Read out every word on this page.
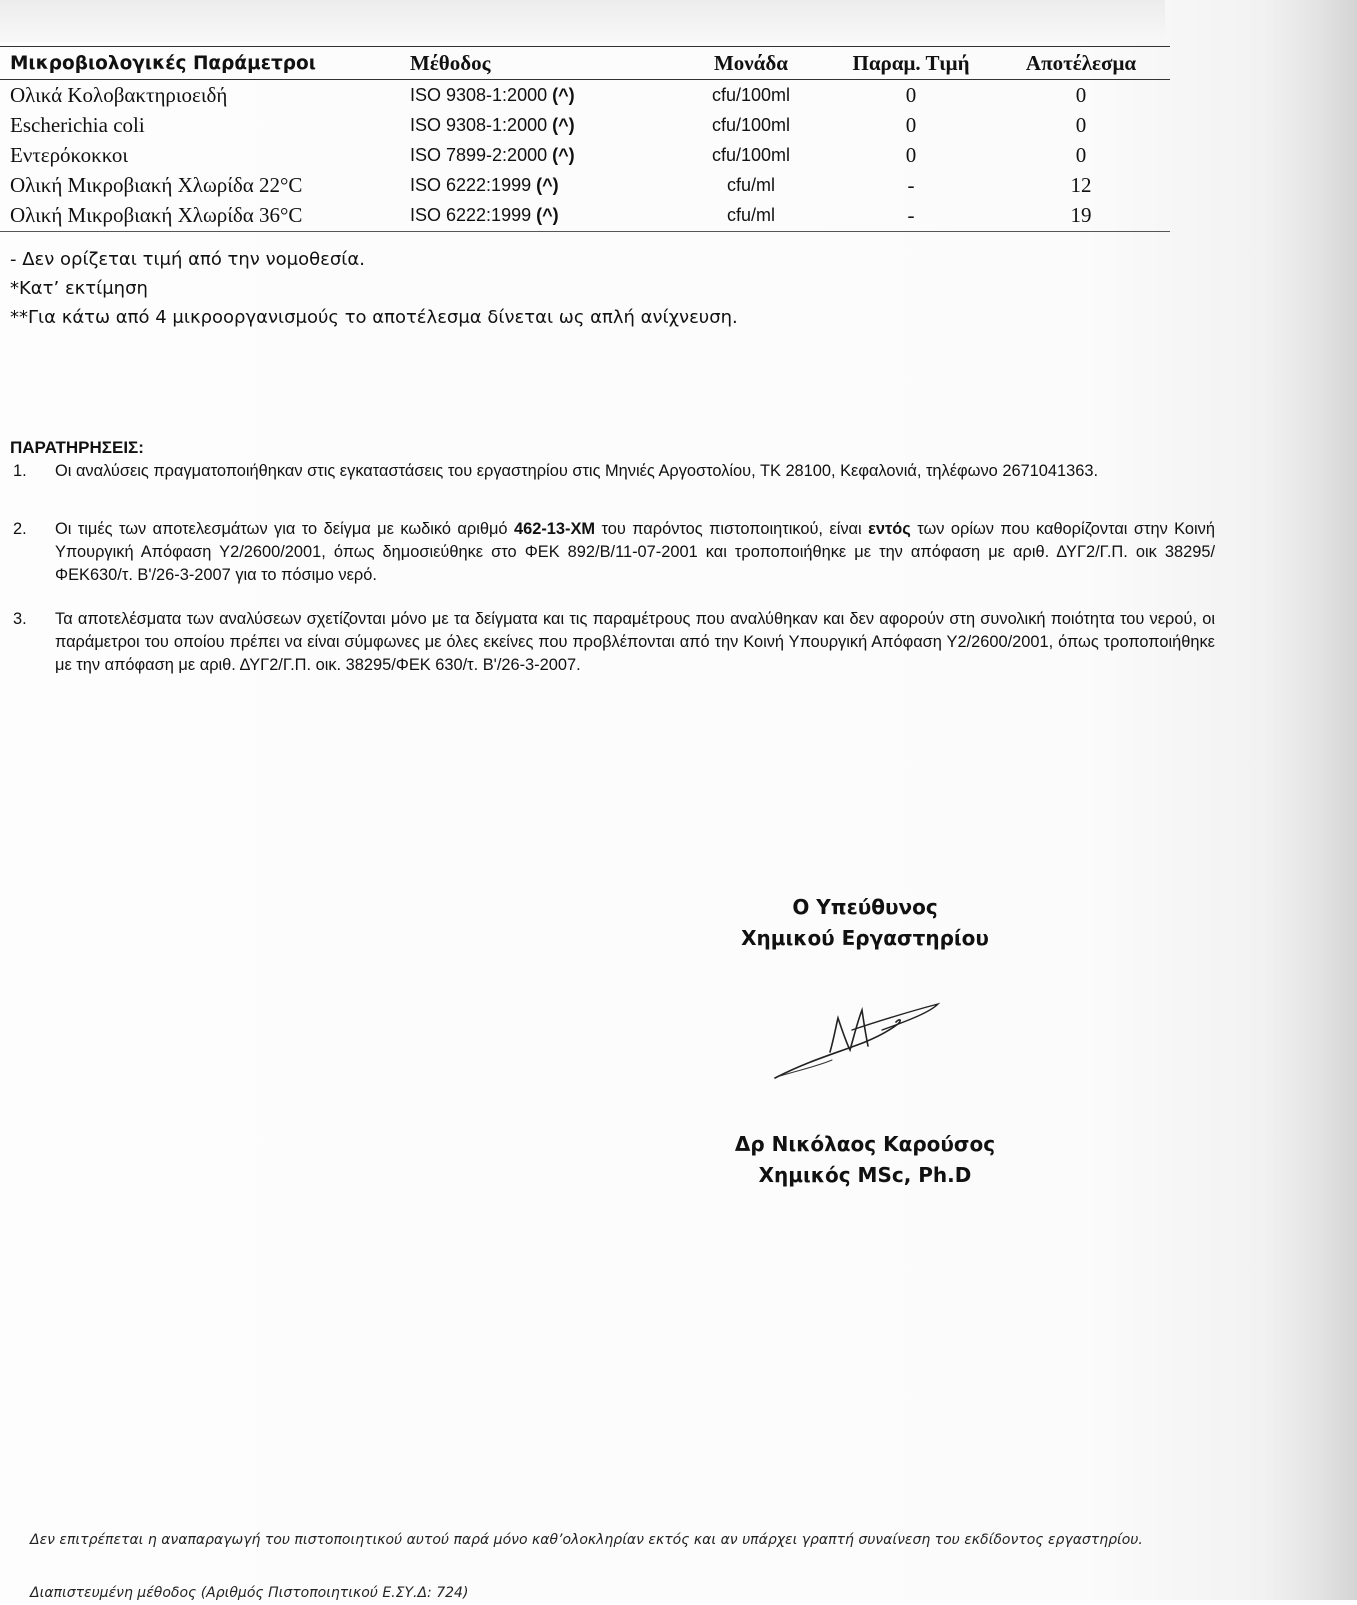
Μικροβιολογικές Παράμετροι	Μέθοδος	Μονάδα	Παραμ. Τιμή	Αποτέλεσμα
Ολικά Κολοβακτηριοειδή	ISO 9308-1:2000 (^)	cfu/100ml	0	0
Escherichia coli	ISO 9308-1:2000 (^)	cfu/100ml	0	0
Εντερόκοκκοι	ISO 7899-2:2000 (^)	cfu/100ml	0	0
Ολική Μικροβιακή Χλωρίδα 22°C	ISO 6222:1999 (^)	cfu/ml	-	12
Ολική Μικροβιακή Χλωρίδα 36°C	ISO 6222:1999 (^)	cfu/ml	-	19
- Δεν ορίζεται τιμή από την νομοθεσία.
*Κατ’ εκτίμηση
**Για κάτω από 4 μικροοργανισμούς το αποτέλεσμα δίνεται ως απλή ανίχνευση.
ΠΑΡΑΤΗΡΗΣΕΙΣ:
1. Οι αναλύσεις πραγματοποιήθηκαν στις εγκαταστάσεις του εργαστηρίου στις Μηνιές Αργοστολίου, ΤΚ 28100, Κεφαλονιά, τηλέφωνο 2671041363.
2. Οι τιμές των αποτελεσμάτων για το δείγμα με κωδικό αριθμό 462-13-ΧΜ του παρόντος πιστοποιητικού, είναι εντός των ορίων που καθορίζονται στην Κοινή Υπουργική Απόφαση Υ2/2600/2001, όπως δημοσιεύθηκε στο ΦΕΚ 892/Β/11-07-2001 και τροποποιήθηκε με την απόφαση με αριθ. ΔΥΓ2/Γ.Π. οικ 38295/ΦΕΚ630/τ. Β'/26-3-2007 για το πόσιμο νερό.
3. Τα αποτελέσματα των αναλύσεων σχετίζονται μόνο με τα δείγματα και τις παραμέτρους που αναλύθηκαν και δεν αφορούν στη συνολική ποιότητα του νερού, οι παράμετροι του οποίου πρέπει να είναι σύμφωνες με όλες εκείνες που προβλέπονται από την Κοινή Υπουργική Απόφαση Υ2/2600/2001, όπως τροποποιήθηκε με την απόφαση με αριθ. ΔΥΓ2/Γ.Π. οικ. 38295/ΦΕΚ 630/τ. Β'/26-3-2007.
Ο Υπεύθυνος
Χημικού Εργαστηρίου
Δρ Νικόλαος Καρούσος
Χημικός MSc, Ph.D
Δεν επιτρέπεται η αναπαραγωγή του πιστοποιητικού αυτού παρά μόνο καθ’ολοκληρίαν εκτός και αν υπάρχει γραπτή συναίνεση του εκδίδοντος εργαστηρίου.
Διαπιστευμένη μέθοδος (Αριθμός Πιστοποιητικού Ε.ΣΥ.Δ: 724)
